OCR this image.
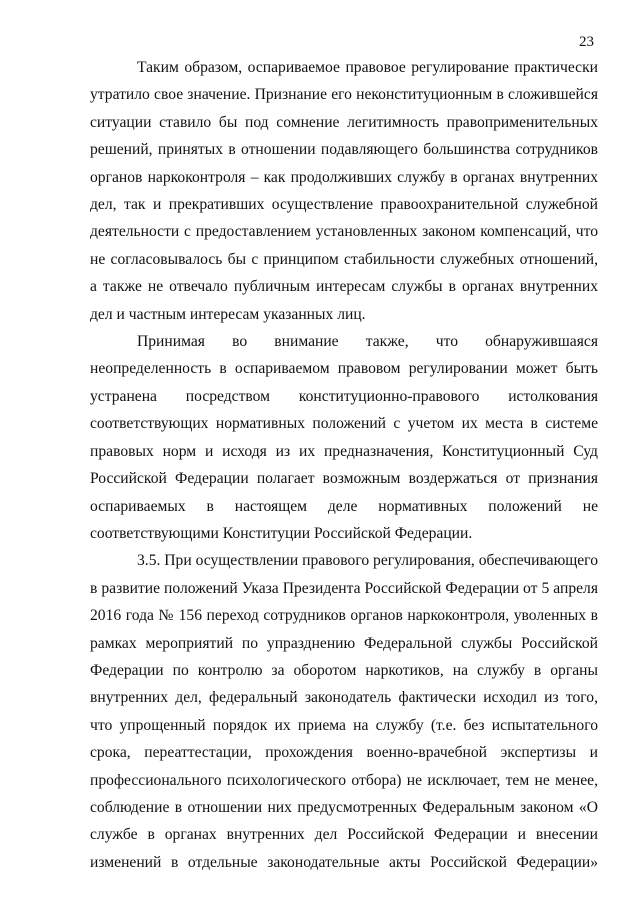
23

Таким образом, оспариваемое правовое регулирование практически утратило свое значение. Признание его неконституционным в сложившейся ситуации ставило бы под сомнение легитимность правоприменительных решений, принятых в отношении подавляющего большинства сотрудников органов наркоконтроля – как продолживших службу в органах внутренних дел, так и прекративших осуществление правоохранительной служебной деятельности с предоставлением установленных законом компенсаций, что не согласовывалось бы с принципом стабильности служебных отношений, а также не отвечало публичным интересам службы в органах внутренних дел и частным интересам указанных лиц.

Принимая во внимание также, что обнаружившаяся неопределенность в оспариваемом правовом регулировании может быть устранена посредством конституционно-правового истолкования соответствующих нормативных положений с учетом их места в системе правовых норм и исходя из их предназначения, Конституционный Суд Российской Федерации полагает возможным воздержаться от признания оспариваемых в настоящем деле нормативных положений не соответствующими Конституции Российской Федерации.

3.5. При осуществлении правового регулирования, обеспечивающего в развитие положений Указа Президента Российской Федерации от 5 апреля 2016 года № 156 переход сотрудников органов наркоконтроля, уволенных в рамках мероприятий по упразднению Федеральной службы Российской Федерации по контролю за оборотом наркотиков, на службу в органы внутренних дел, федеральный законодатель фактически исходил из того, что упрощенный порядок их приема на службу (т.е. без испытательного срока, переаттестации, прохождения военно-врачебной экспертизы и профессионального психологического отбора) не исключает, тем не менее, соблюдение в отношении них предусмотренных Федеральным законом «О службе в органах внутренних дел Российской Федерации и внесении изменений в отдельные законодательные акты Российской Федерации»
